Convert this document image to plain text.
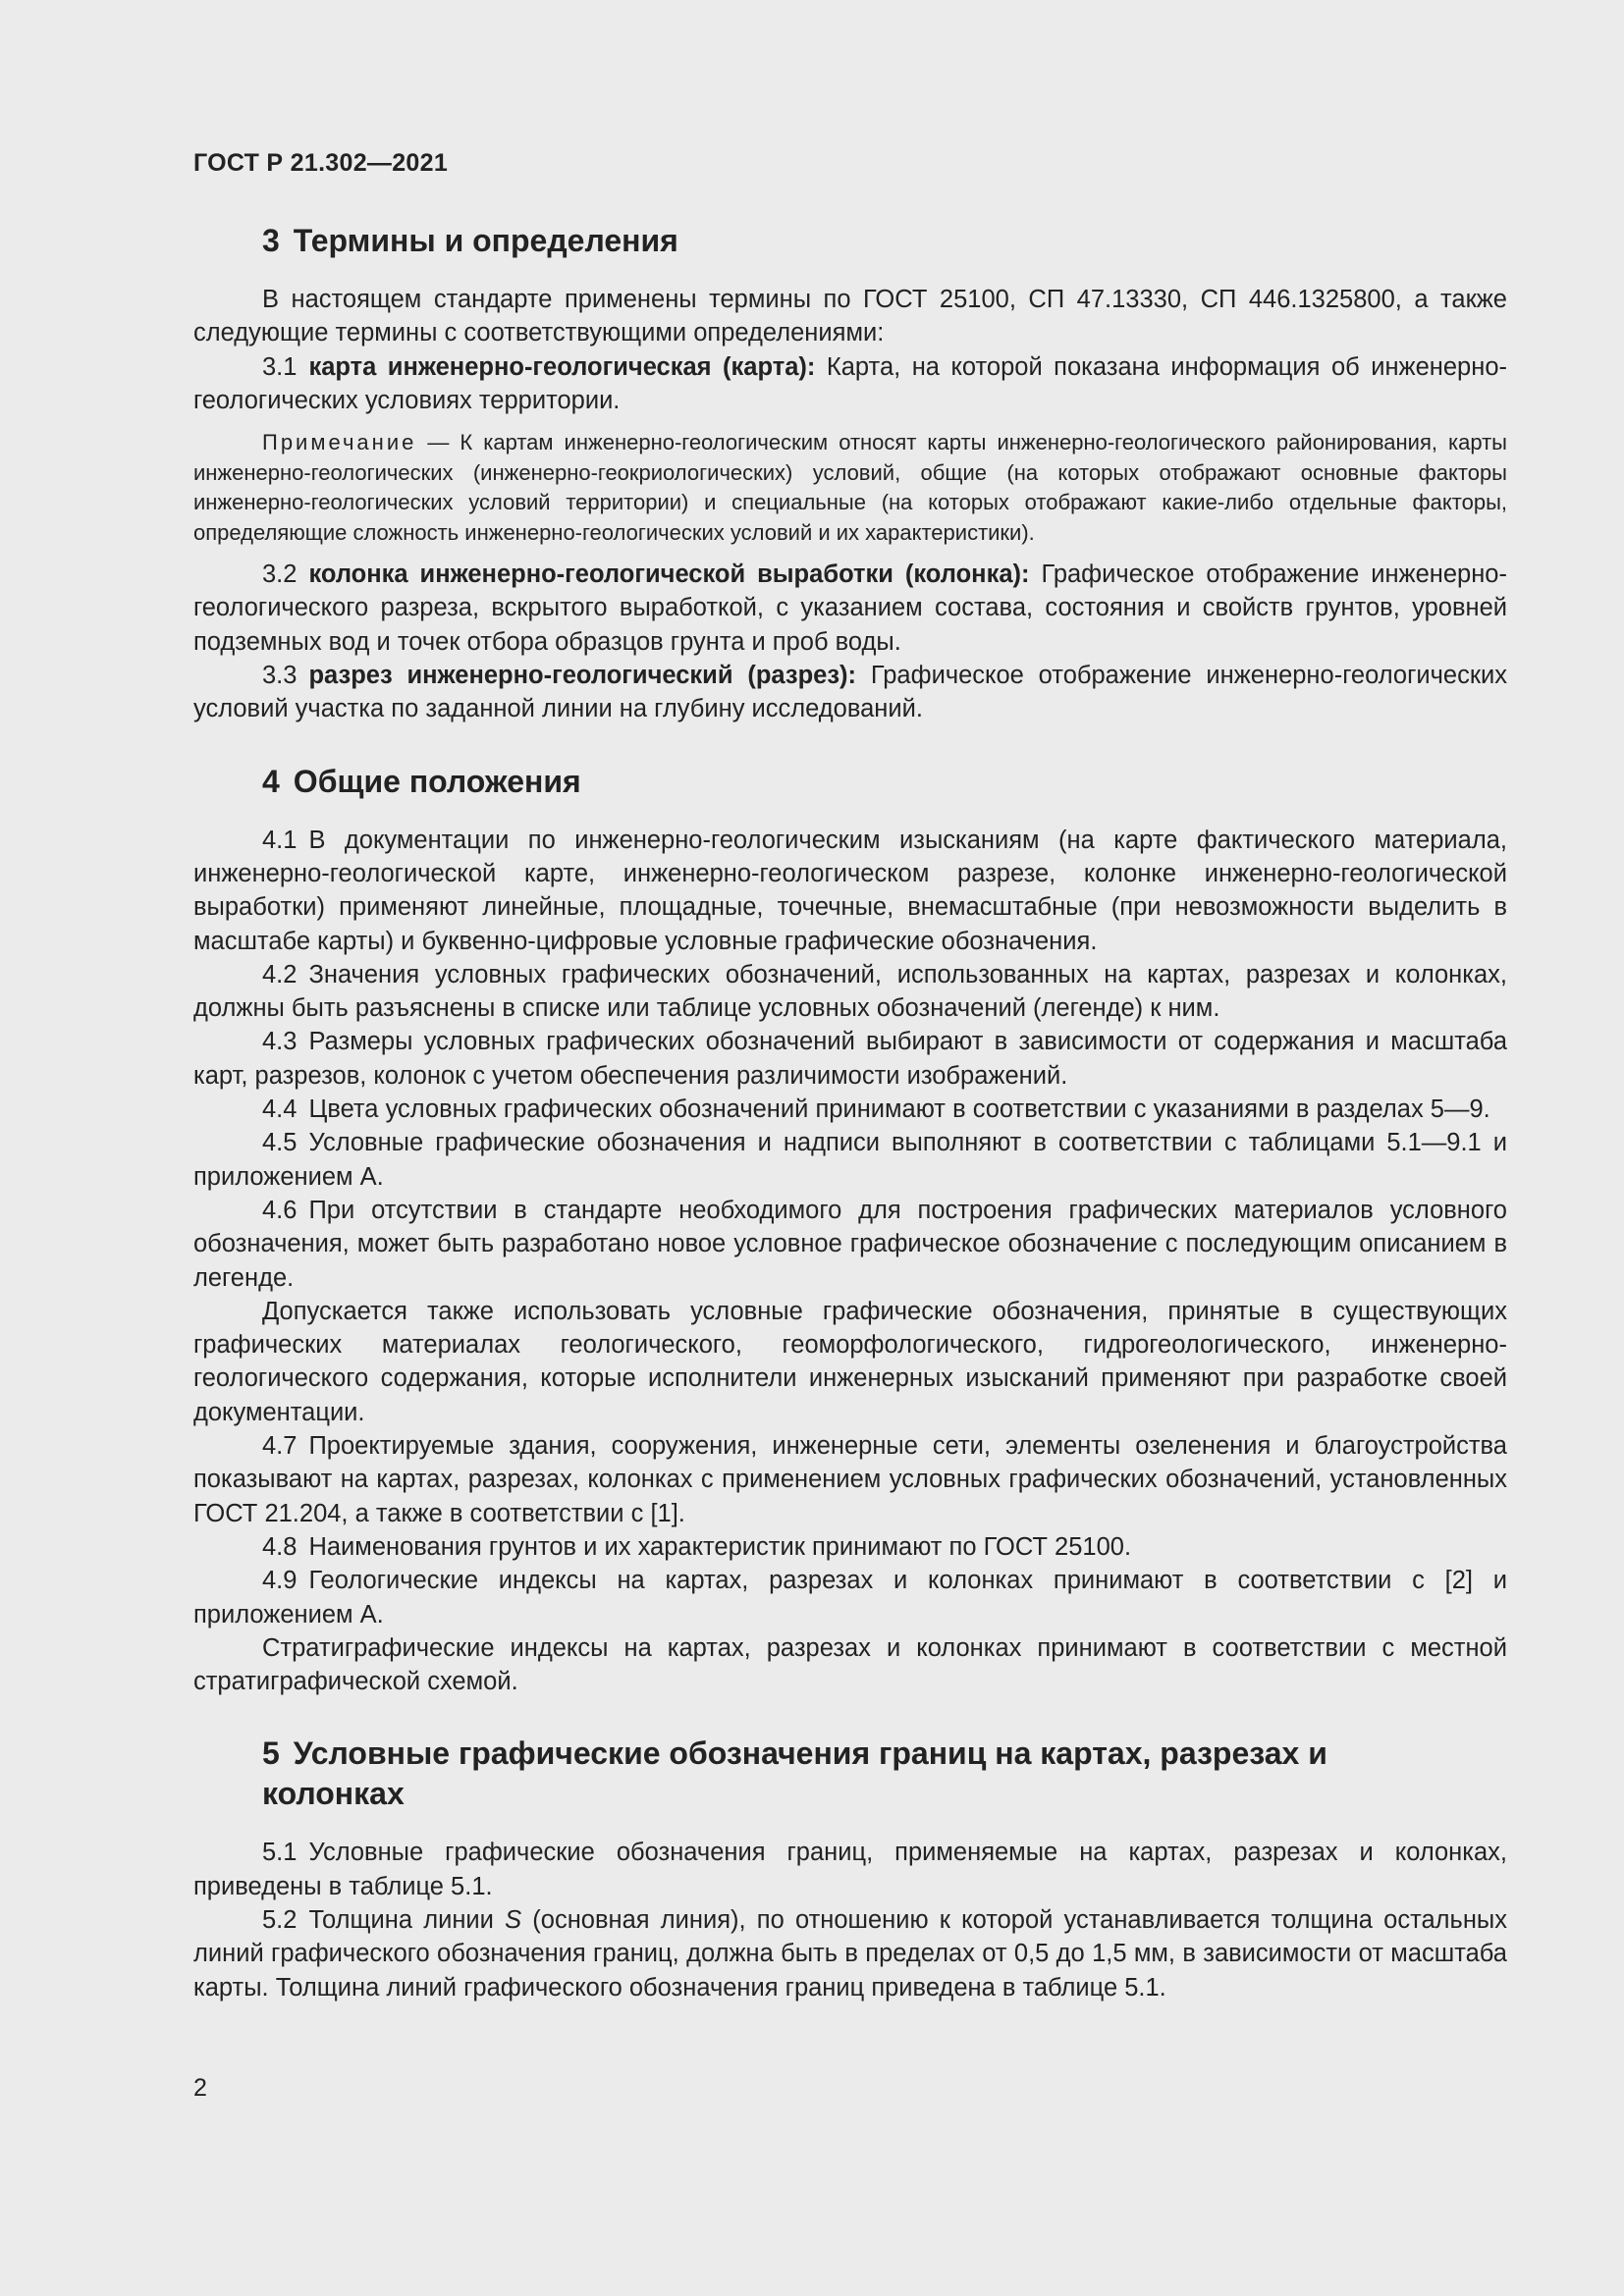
ГОСТ Р 21.302—2021
3 Термины и определения

В настоящем стандарте применены термины по ГОСТ 25100, СП 47.13330, СП 446.1325800, а также следующие термины с соответствующими определениями:

3.1 карта инженерно-геологическая (карта): Карта, на которой показана информация об инженерно-геологических условиях территории.

Примечание — К картам инженерно-геологическим относят карты инженерно-геологического районирования, карты инженерно-геологических (инженерно-геокриологических) условий, общие (на которых отображают основные факторы инженерно-геологических условий территории) и специальные (на которых отображают какие-либо отдельные факторы, определяющие сложность инженерно-геологических условий и их характеристики).

3.2 колонка инженерно-геологической выработки (колонка): Графическое отображение инженерно-геологического разреза, вскрытого выработкой, с указанием состава, состояния и свойств грунтов, уровней подземных вод и точек отбора образцов грунта и проб воды.

3.3 разрез инженерно-геологический (разрез): Графическое отображение инженерно-геологических условий участка по заданной линии на глубину исследований.

4 Общие положения

4.1 В документации по инженерно-геологическим изысканиям (на карте фактического материала, инженерно-геологической карте, инженерно-геологическом разрезе, колонке инженерно-геологической выработки) применяют линейные, площадные, точечные, внемасштабные (при невозможности выделить в масштабе карты) и буквенно-цифровые условные графические обозначения.

4.2 Значения условных графических обозначений, использованных на картах, разрезах и колонках, должны быть разъяснены в списке или таблице условных обозначений (легенде) к ним.

4.3 Размеры условных графических обозначений выбирают в зависимости от содержания и масштаба карт, разрезов, колонок с учетом обеспечения различимости изображений.

4.4 Цвета условных графических обозначений принимают в соответствии с указаниями в разделах 5—9.

4.5 Условные графические обозначения и надписи выполняют в соответствии с таблицами 5.1—9.1 и приложением А.

4.6 При отсутствии в стандарте необходимого для построения графических материалов условного обозначения, может быть разработано новое условное графическое обозначение с последующим описанием в легенде.

Допускается также использовать условные графические обозначения, принятые в существующих графических материалах геологического, геоморфологического, гидрогеологического, инженерно-геологического содержания, которые исполнители инженерных изысканий применяют при разработке своей документации.

4.7 Проектируемые здания, сооружения, инженерные сети, элементы озеленения и благоустройства показывают на картах, разрезах, колонках с применением условных графических обозначений, установленных ГОСТ 21.204, а также в соответствии с [1].

4.8 Наименования грунтов и их характеристик принимают по ГОСТ 25100.

4.9 Геологические индексы на картах, разрезах и колонках принимают в соответствии с [2] и приложением А.

Стратиграфические индексы на картах, разрезах и колонках принимают в соответствии с местной стратиграфической схемой.

5 Условные графические обозначения границ на картах, разрезах и колонках

5.1 Условные графические обозначения границ, применяемые на картах, разрезах и колонках, приведены в таблице 5.1.

5.2 Толщина линии S (основная линия), по отношению к которой устанавливается толщина остальных линий графического обозначения границ, должна быть в пределах от 0,5 до 1,5 мм, в зависимости от масштаба карты. Толщина линий графического обозначения границ приведена в таблице 5.1.

2
